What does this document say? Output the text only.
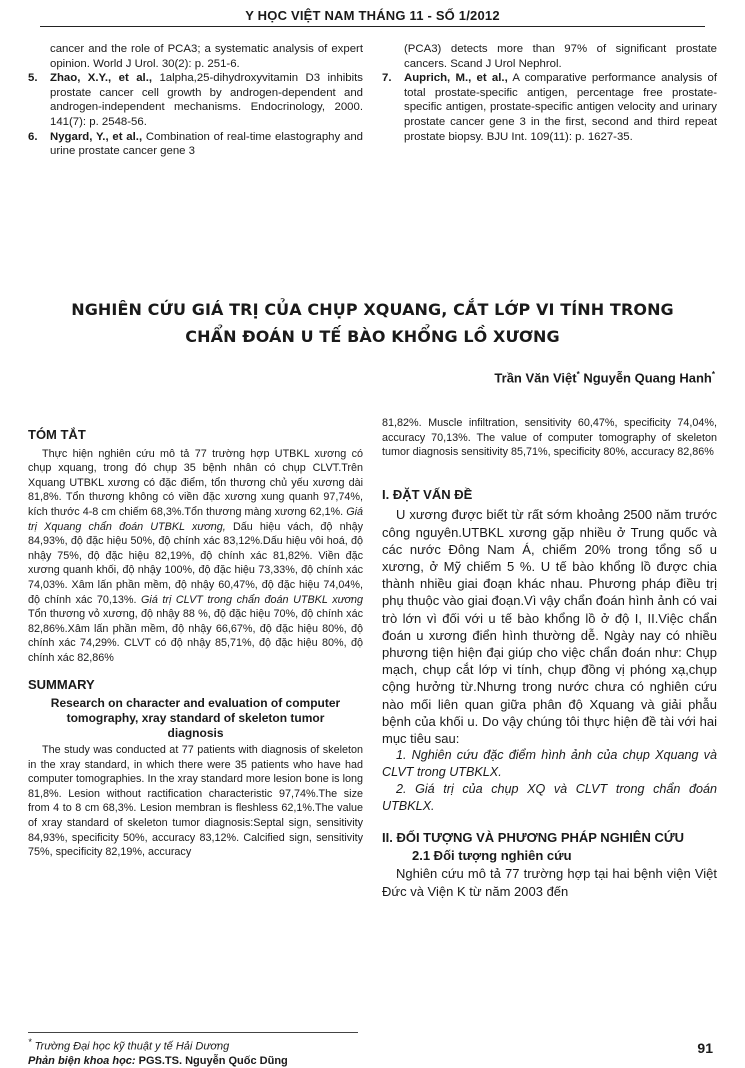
Y HỌC VIỆT NAM THÁNG 11 - SỐ 1/2012
cancer and the role of PCA3; a systematic analysis of expert opinion. World J Urol. 30(2): p. 251-6.
5.	Zhao, X.Y., et al., 1alpha,25-dihydroxyvitamin D3 inhibits prostate cancer cell growth by androgen-dependent and androgen-independent mechanisms. Endocrinology, 2000. 141(7): p. 2548-56.
6.	Nygard, Y., et al., Combination of real-time elastography and urine prostate cancer gene 3
(PCA3) detects more than 97% of significant prostate cancers. Scand J Urol Nephrol.
7.	Auprich, M., et al., A comparative performance analysis of total prostate-specific antigen, percentage free prostate-specific antigen, prostate-specific antigen velocity and urinary prostate cancer gene 3 in the first, second and third repeat prostate biopsy. BJU Int. 109(11): p. 1627-35.
NGHIÊN CỨU GIÁ TRỊ CỦA CHỤP XQUANG, CẮT LỚP VI TÍNH TRONG
CHẨN ĐOÁN U TẾ BÀO KHỔNG LỒ XƯƠNG
Trần Văn Việt* Nguyễn Quang Hanh*
TÓM TẮT

Thực hiện nghiên cứu mô tả 77 trường hợp UTBKL xương có chụp xquang, trong đó chụp 35 bệnh nhân có chụp CLVT.Trên Xquang UTBKL xương có đặc điểm, tổn thương chủ yếu xương dài 81,8%. Tổn thương không có viền đặc xương xung quanh 97,74%, kích thước 4-8 cm chiếm 68,3%.Tổn thương màng xương 62,1%. Giá trị Xquang chẩn đoán UTBKL xương, Dấu hiệu vách, độ nhậy 84,93%, độ đặc hiệu 50%, độ chính xác 83,12%.Dấu hiệu vôi hoá, độ nhậy 75%, độ đặc hiệu 82,19%, độ chính xác 81,82%. Viền đặc xương quanh khối, độ nhậy 100%, độ đặc hiệu 73,33%, độ chính xác 74,03%. Xâm lấn phần mềm, độ nhậy 60,47%, độ đặc hiệu 74,04%, độ chính xác 70,13%. Giá trị CLVT trong chẩn đoán UTBKL xương Tổn thương vỏ xương, độ nhậy 88 %, độ đặc hiệu 70%, độ chính xác 82,86%.Xâm lấn phần mềm, độ nhậy 66,67%, độ đặc hiệu 80%, độ chính xác 74,29%. CLVT có độ nhậy 85,71%, độ đặc hiệu 80%, độ chính xác 82,86%

SUMMARY
Research on character and evaluation of computer tomography, xray standard of skeleton tumor diagnosis

The study was conducted at 77 patients with diagnosis of skeleton in the xray standard, in which there were 35 patients who have had computer tomographies. In the xray standard more lesion bone is long 81,8%. Lesion without ractification characteristic 97,74%.The size from 4 to 8 cm 68,3%. Lesion membran is fleshless 62,1%.The value of xray standard of skeleton tumor diagnosis:Septal sign, sensitivity 84,93%, specificity 50%, accuracy 83,12%. Calcified sign, sensitivity 75%, specificity 82,19%, accuracy

81,82%. Muscle infiltration, sensitivity 60,47%, specificity 74,04%, accuracy 70,13%. The value of computer tomography of skeleton tumor diagnosis sensitivity 85,71%, specificity 80%, accuracy 82,86%

I. ĐẶT VẤN ĐỀ

U xương được biết từ rất sớm khoảng 2500 năm trước công nguyên.UTBKL xương gặp nhiều ở Trung quốc và các nước Đông Nam Á, chiếm 20% trong tổng số u xương, ở Mỹ chiếm 5 %. U tế bào khổng lồ được chia thành nhiều giai đoạn khác nhau. Phương pháp điều trị phụ thuộc vào giai đoạn.Vì vậy chẩn đoán hình ảnh có vai trò lớn vì đối với u tế bào khổng lồ ở độ I, II.Việc chẩn đoán u xương điển hình thường dễ. Ngày nay có nhiều phương tiện hiện đại giúp cho việc chẩn đoán như: Chụp mạch, chụp cắt lớp vi tính, chụp đồng vị phóng xạ,chụp cộng hưởng từ.Nhưng trong nước chưa có nghiên cứu nào mối liên quan giữa phân độ Xquang và giải phẫu bệnh của khối u. Do vậy chúng tôi thực hiện đề tài với hai mục tiêu sau:

1. Nghiên cứu đặc điểm hình ảnh của chụp Xquang và CLVT trong UTBKLX.

2. Giá trị của chụp XQ và CLVT trong chẩn đoán UTBKLX.

II. ĐỐI TƯỢNG VÀ PHƯƠNG PHÁP NGHIÊN CỨU
2.1 Đối tượng nghiên cứu

Nghiên cứu mô tả 77 trường hợp tại hai bệnh viện Việt Đức và Viện K từ năm 2003 đến

* Trường Đại học kỹ thuật y tế Hải Dương
Phản biện khoa học: PGS.TS. Nguyễn Quốc Dũng
91
